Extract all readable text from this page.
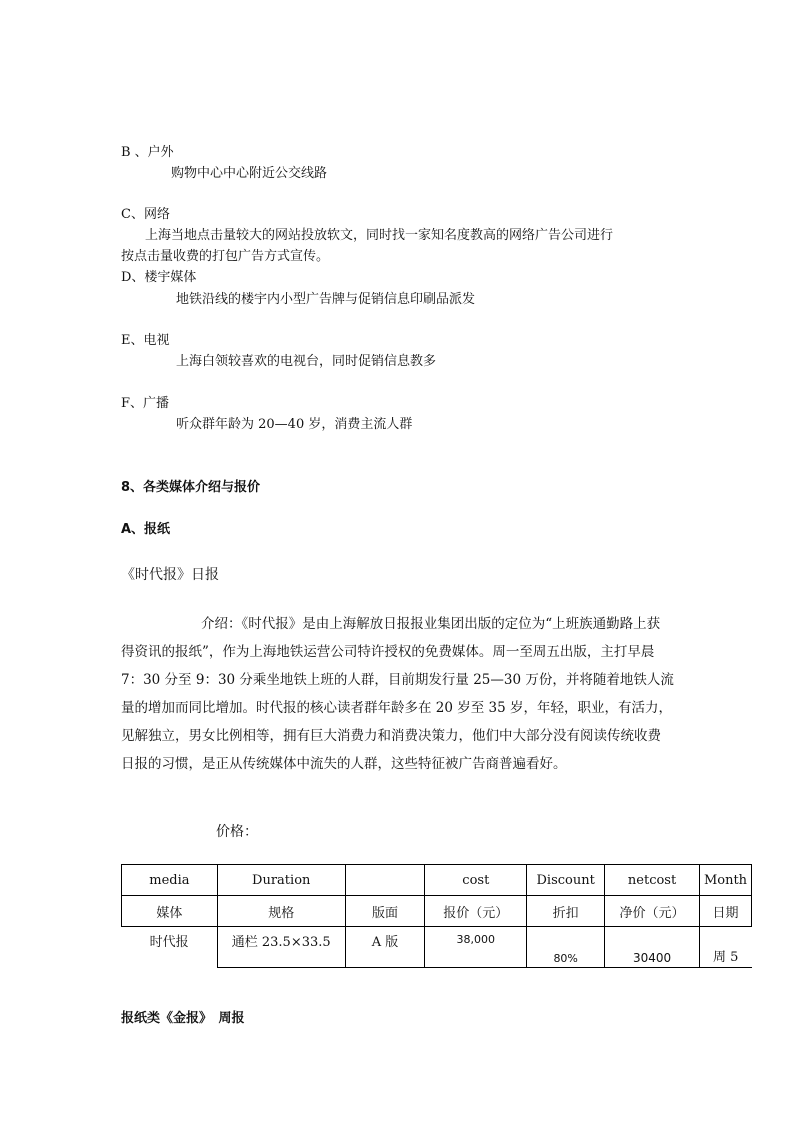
B 、户外
购物中心中心附近公交线路
C、网络
上海当地点击量较大的网站投放软文，同时找一家知名度教高的网络广告公司进行
按点击量收费的打包广告方式宣传。
D、楼宇媒体
地铁沿线的楼宇内小型广告牌与促销信息印刷品派发
E、电视
上海白领较喜欢的电视台，同时促销信息教多
F、广播
听众群年龄为 20—40 岁，消费主流人群
8、各类媒体介绍与报价
A、报纸
《时代报》日报
介绍：《时代报》是由上海解放日报报业集团出版的定位为“上班族通勤路上获
得资讯的报纸”，作为上海地铁运营公司特许授权的免费媒体。周一至周五出版，主打早晨
7：30 分至 9：30 分乘坐地铁上班的人群，目前期发行量 25—30 万份，并将随着地铁人流
量的增加而同比增加。时代报的核心读者群年龄多在 20 岁至 35 岁，年轻，职业，有活力，
见解独立，男女比例相等，拥有巨大消费力和消费决策力，他们中大部分没有阅读传统收费
日报的习惯，是正从传统媒体中流失的人群，这些特征被广告商普遍看好。
价格：
media	Duration		cost	Discount	netcost	Month
媒体	规格	版面	报价（元）	折扣	净价（元）	日期
时代报	通栏 23.5×33.5	A 版	38,000	80%	30400	周 5
报纸类《金报》　周报
